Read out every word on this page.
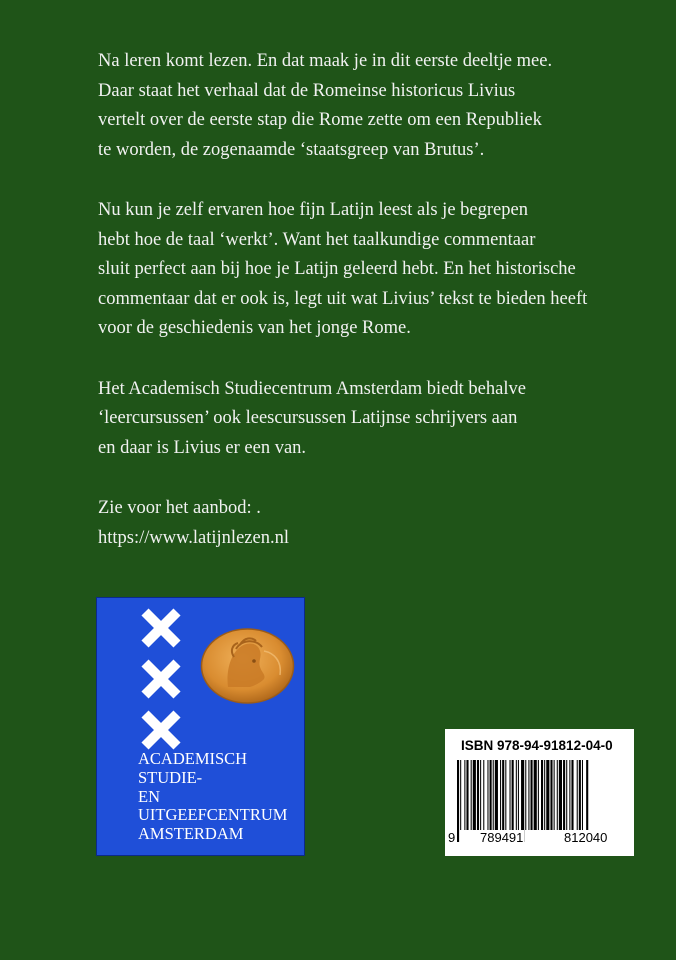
Na leren komt lezen. En dat maak je in dit eerste deeltje mee.
Daar staat het verhaal dat de Romeinse historicus Livius
vertelt over de eerste stap die Rome zette om een Republiek
te worden, de zogenaamde ‘staatsgreep van Brutus’.

Nu kun je zelf ervaren hoe fijn Latijn leest als je begrepen
hebt hoe de taal ‘werkt’. Want het taalkundige commentaar
sluit perfect aan bij hoe je Latijn geleerd hebt. En het historische
commentaar dat er ook is, legt uit wat Livius’ tekst te bieden heeft
voor de geschiedenis van het jonge Rome.

Het Academisch Studiecentrum Amsterdam biedt behalve
‘leercursussen’ ook leescursussen Latijnse schrijvers aan
en daar is Livius er een van.

Zie voor het aanbod: .
https://www.latijnlezen.nl

ACADEMISCH
STUDIE-
EN
UITGEEFCENTRUM
AMSTERDAM
ISBN 978-94-91812-04-0
9 789491	812040
